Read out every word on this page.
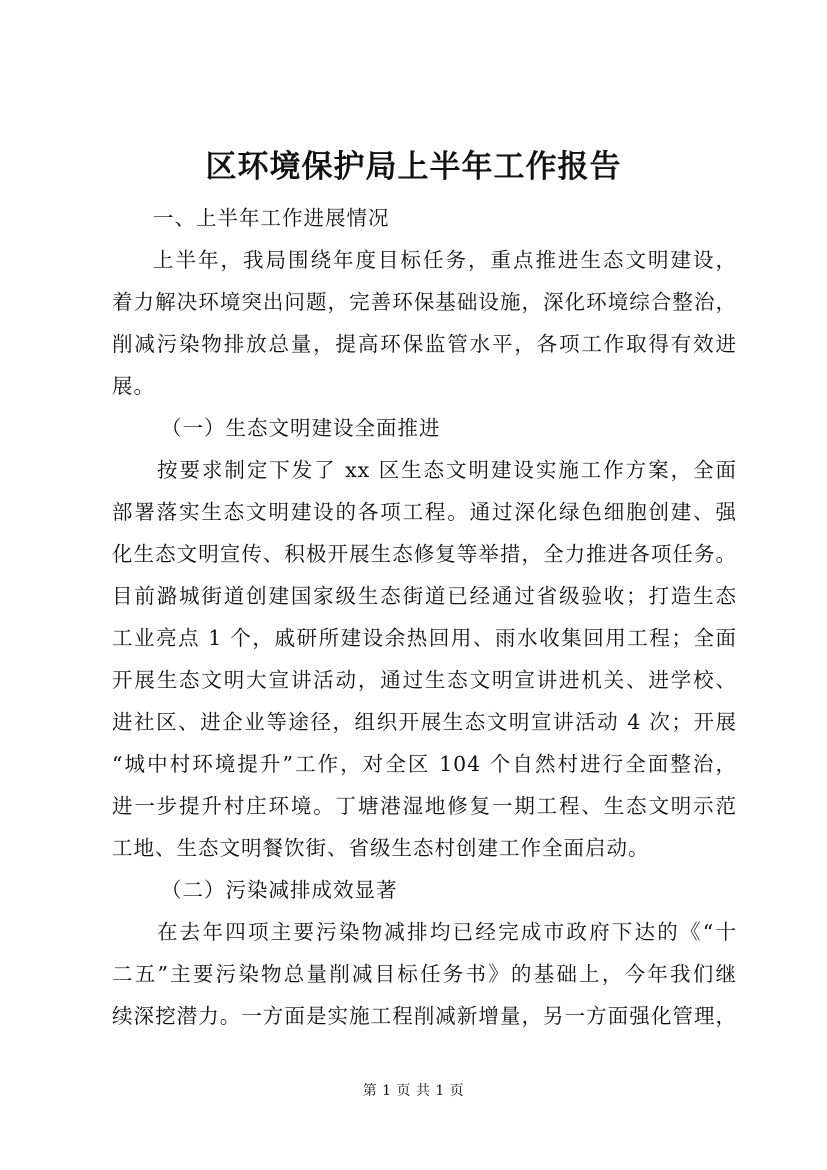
区环境保护局上半年工作报告

一、上半年工作进展情况

上半年，我局围绕年度目标任务，重点推进生态文明建设，

着力解决环境突出问题，完善环保基础设施，深化环境综合整治，

削减污染物排放总量，提高环保监管水平，各项工作取得有效进

展。

（一）生态文明建设全面推进

按要求制定下发了 xx 区生态文明建设实施工作方案，全面

部署落实生态文明建设的各项工程。通过深化绿色细胞创建、强

化生态文明宣传、积极开展生态修复等举措，全力推进各项任务。

目前潞城街道创建国家级生态街道已经通过省级验收；打造生态

工业亮点 1 个，戚研所建设余热回用、雨水收集回用工程；全面

开展生态文明大宣讲活动，通过生态文明宣讲进机关、进学校、

进社区、进企业等途径，组织开展生态文明宣讲活动 4 次；开展

“城中村环境提升”工作，对全区 104 个自然村进行全面整治，

进一步提升村庄环境。丁塘港湿地修复一期工程、生态文明示范

工地、生态文明餐饮街、省级生态村创建工作全面启动。

（二）污染减排成效显著

在去年四项主要污染物减排均已经完成市政府下达的《“十

二五”主要污染物总量削减目标任务书》的基础上，今年我们继

续深挖潜力。一方面是实施工程削减新增量，另一方面强化管理，

第 1 页 共 1 页
